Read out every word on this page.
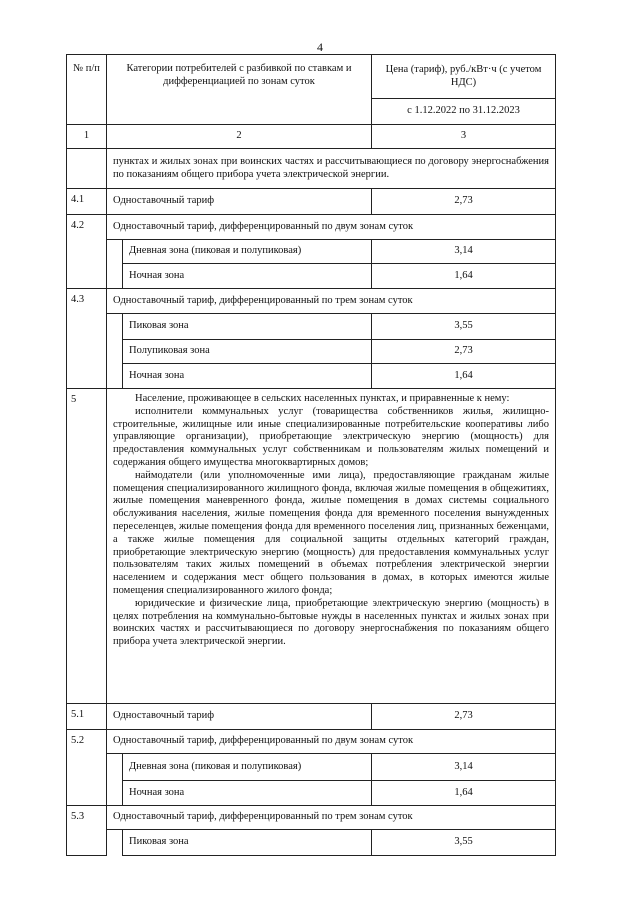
4
№ п/п	Категории потребителей с разбивкой по ставкам и дифференциацией по зонам суток		Цена (тариф), руб./кВт·ч (с учетом НДС)
			с 1.12.2022 по 31.12.2023
1	2		3
	пунктах и жилых зонах при воинских частях и рассчитывающиеся по договору энергоснабжения по показаниям общего прибора учета электрической энергии.		
4.1	Одноставочный тариф		2,73
4.2	Одноставочный тариф, дифференцированный по двум зонам суток		
		Дневная зона (пиковая и полупиковая)	3,14
		Ночная зона	1,64
4.3	Одноставочный тариф, дифференцированный по трем зонам суток		
		Пиковая зона	3,55
		Полупиковая зона	2,73
		Ночная зона	1,64
5	Население, проживающее в сельских населенных пунктах, и приравненные к нему:
исполнители коммунальных услуг (товарищества собственников жилья, жилищно-строительные, жилищные или иные специализированные потребительские кооперативы либо управляющие организации), приобретающие электрическую энергию (мощность) для предоставления коммунальных услуг собственникам и пользователям жилых помещений и содержания общего имущества многоквартирных домов;
наймодатели (или уполномоченные ими лица), предоставляющие гражданам жилые помещения специализированного жилищного фонда, включая жилые помещения в общежитиях, жилые помещения маневренного фонда, жилые помещения в домах системы социального обслуживания населения, жилые помещения фонда для временного поселения вынужденных переселенцев, жилые помещения фонда для временного поселения лиц, признанных беженцами, а также жилые помещения для социальной защиты отдельных категорий граждан, приобретающие электрическую энергию (мощность) для предоставления коммунальных услуг пользователям таких жилых помещений в объемах потребления электрической энергии населением и содержания мест общего пользования в домах, в которых имеются жилые помещения специализированного жилого фонда;
юридические и физические лица, приобретающие электрическую энергию (мощность) в целях потребления на коммунально-бытовые нужды в населенных пунктах и жилых зонах при воинских частях и рассчитывающиеся по договору энергоснабжения по показаниям общего прибора учета электрической энергии.		

5.1	Одноставочный тариф		2,73
5.2	Одноставочный тариф, дифференцированный по двум зонам суток		
		Дневная зона (пиковая и полупиковая)	3,14
		Ночная зона	1,64
5.3	Одноставочный тариф, дифференцированный по трем зонам суток		
		Пиковая зона	3,55
